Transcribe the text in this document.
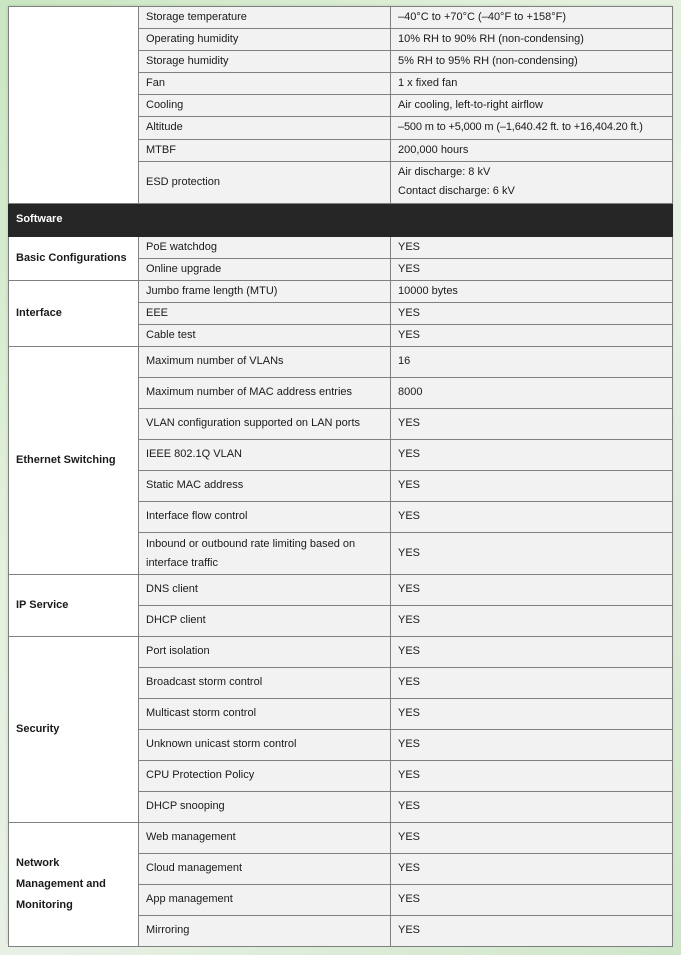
	Storage temperature	–40°C to +70°C (–40°F to +158°F)
	Operating humidity	10% RH to 90% RH (non-condensing)
	Storage humidity	5% RH to 95% RH (non-condensing)
	Fan	1 x fixed fan
	Cooling	Air cooling, left-to-right airflow
	Altitude	–500 m to +5,000 m (–1,640.42 ft. to +16,404.20 ft.)
	MTBF	200,000 hours
	ESD protection	Air discharge: 8 kV
Contact discharge: 6 kV

Software		
Basic Configurations	PoE watchdog	YES
	Online upgrade	YES
Interface	Jumbo frame length (MTU)	10000 bytes
	EEE	YES
	Cable test	YES
Ethernet Switching	Maximum number of VLANs	16
	Maximum number of MAC address entries	8000
	VLAN configuration supported on LAN ports	YES
	IEEE 802.1Q VLAN	YES
	Static MAC address	YES
	Interface flow control	YES
	Inbound or outbound rate limiting based on interface traffic	YES
IP Service	DNS client	YES
	DHCP client	YES
Security	Port isolation	YES
	Broadcast storm control	YES
	Multicast storm control	YES
	Unknown unicast storm control	YES
	CPU Protection Policy	YES
	DHCP snooping	YES

Network
Management and
Monitoring	Web management	YES
	Cloud management	YES
	App management	YES
	Mirroring	YES
